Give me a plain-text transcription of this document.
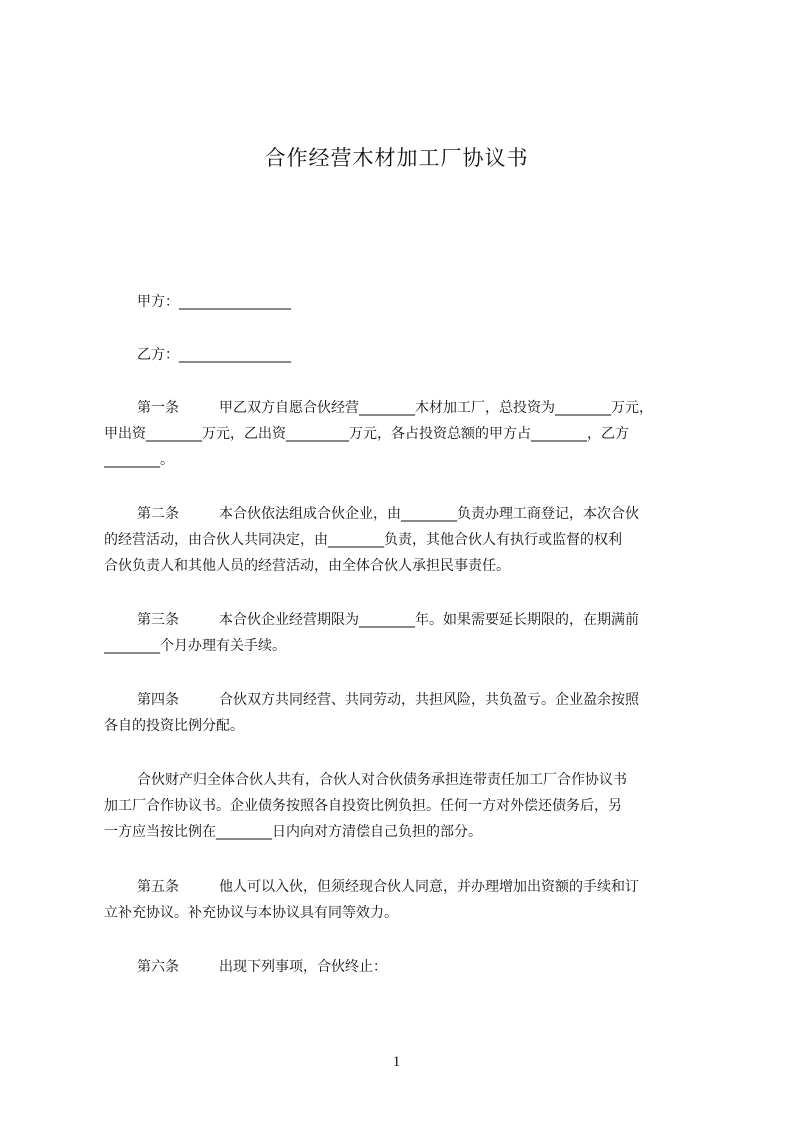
合作经营木材加工厂协议书
甲方：________________
乙方：________________
第一条	甲乙双方自愿合伙经营________木材加工厂，总投资为________万元，
甲出资________万元，乙出资_________万元，各占投资总额的甲方占________，乙方
________。
第二条	本合伙依法组成合伙企业，由________负责办理工商登记，本次合伙
的经营活动，由合伙人共同决定，由________负责，其他合伙人有执行或监督的权利
合伙负责人和其他人员的经营活动，由全体合伙人承担民事责任。
第三条	本合伙企业经营期限为________年。如果需要延长期限的，在期满前
________个月办理有关手续。
第四条	合伙双方共同经营、共同劳动，共担风险，共负盈亏。企业盈余按照
各自的投资比例分配。
合伙财产归全体合伙人共有，合伙人对合伙债务承担连带责任加工厂合作协议书
加工厂合作协议书。企业债务按照各自投资比例负担。任何一方对外偿还债务后，另
一方应当按比例在________日内向对方清偿自己负担的部分。
第五条	他人可以入伙，但须经现合伙人同意，并办理增加出资额的手续和订
立补充协议。补充协议与本协议具有同等效力。
第六条	出现下列事项，合伙终止：
1
